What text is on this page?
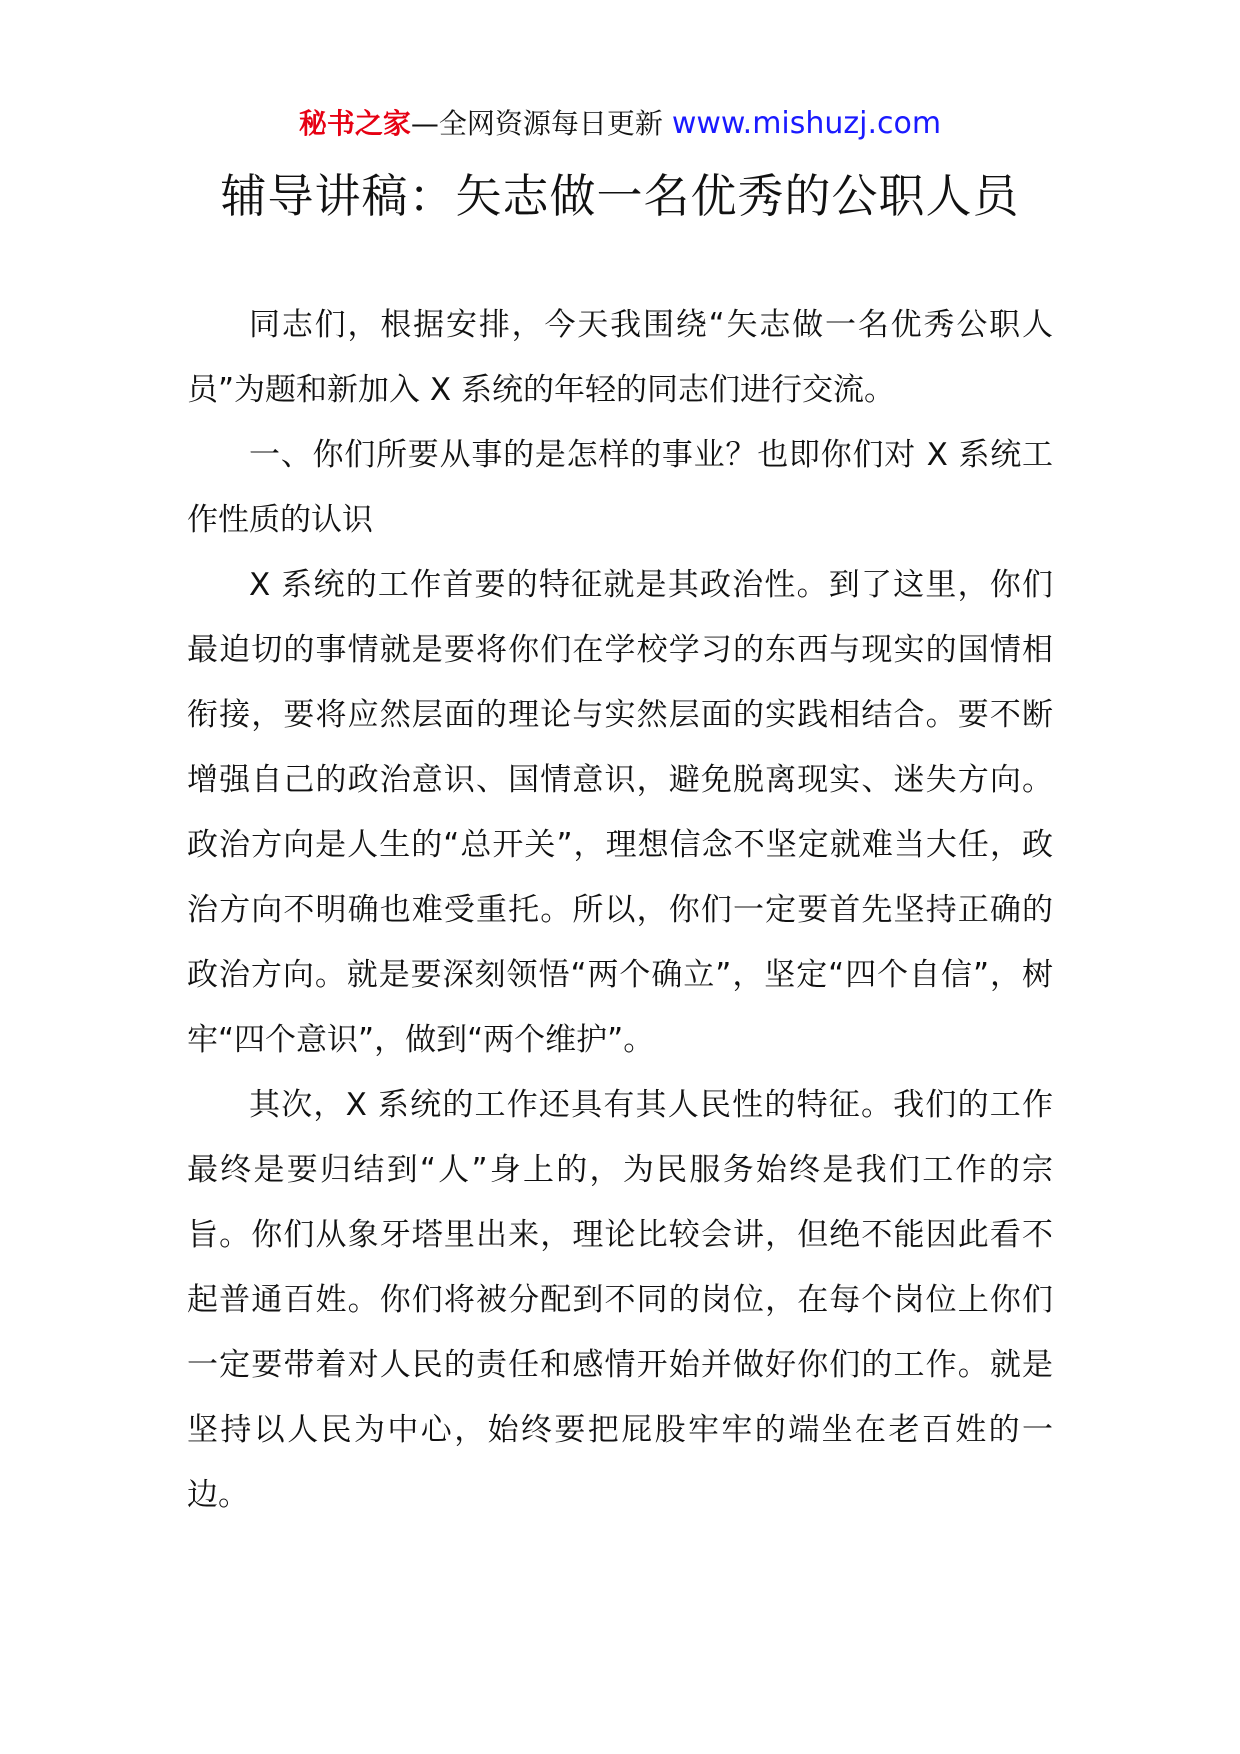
秘书之家—全网资源每日更新 www.mishuzj.com
辅导讲稿：矢志做一名优秀的公职人员

同志们，根据安排，今天我围绕“矢志做一名优秀公职人员”为题和新加入 X 系统的年轻的同志们进行交流。

一、你们所要从事的是怎样的事业？也即你们对 X 系统工作性质的认识

X 系统的工作首要的特征就是其政治性。到了这里，你们最迫切的事情就是要将你们在学校学习的东西与现实的国情相衔接，要将应然层面的理论与实然层面的实践相结合。要不断增强自己的政治意识、国情意识，避免脱离现实、迷失方向。政治方向是人生的“总开关”，理想信念不坚定就难当大任，政治方向不明确也难受重托。所以，你们一定要首先坚持正确的政治方向。就是要深刻领悟“两个确立”，坚定“四个自信”，树牢“四个意识”，做到“两个维护”。

其次，X 系统的工作还具有其人民性的特征。我们的工作最终是要归结到“人”身上的，为民服务始终是我们工作的宗旨。你们从象牙塔里出来，理论比较会讲，但绝不能因此看不起普通百姓。你们将被分配到不同的岗位，在每个岗位上你们一定要带着对人民的责任和感情开始并做好你们的工作。就是坚持以人民为中心，始终要把屁股牢牢的端坐在老百姓的一边。
